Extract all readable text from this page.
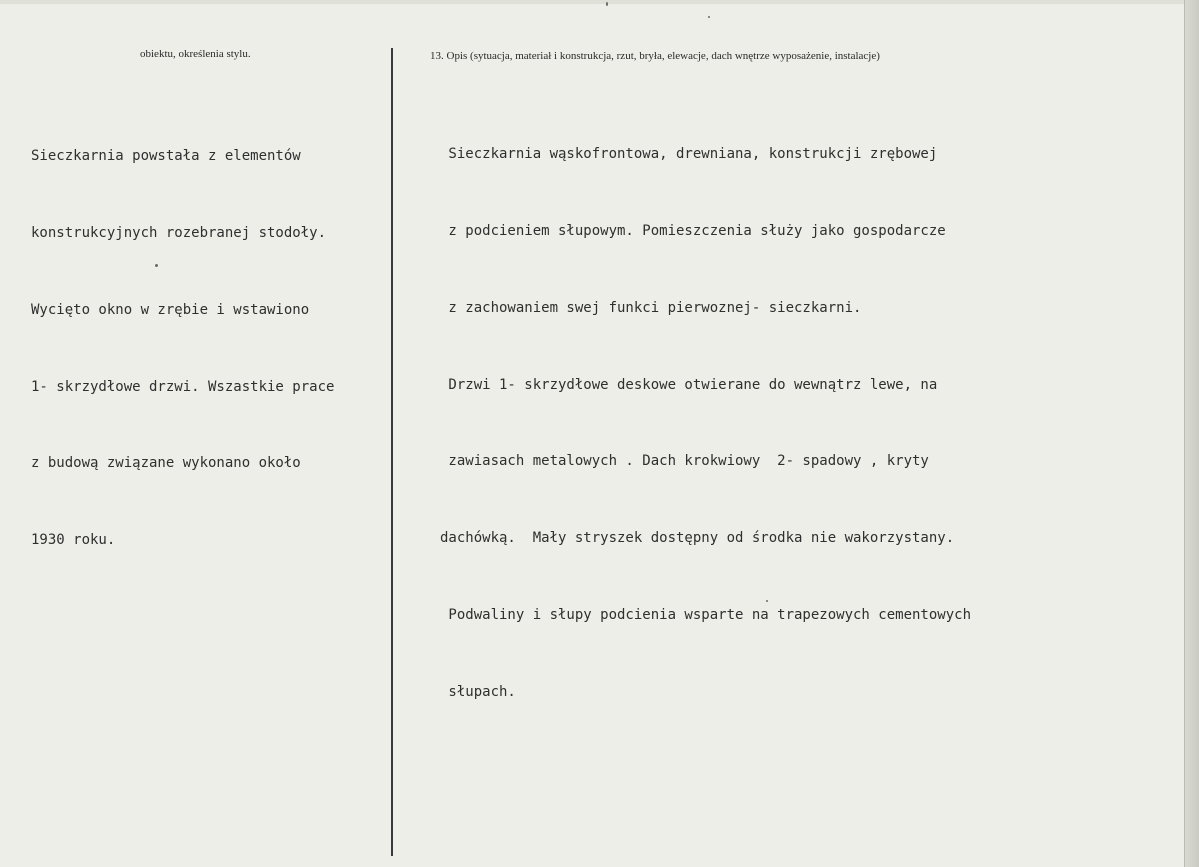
obiektu, określenia stylu.	13. Opis (sytuacja, materiał i konstrukcja, rzut, bryła, elewacje, dach wnętrze wyposażenie, instalacje)

Sieczkarnia powstała z elementów

konstrukcyjnych rozebranej stodoły.

Wycięto okno w zrębie i wstawiono

1- skrzydłowe drzwi. Wszastkie prace

z budową związane wykonano około

1930 roku.

Sieczkarnia wąskofrontowa, drewniana, konstrukcji zrębowej

z podcieniem słupowym. Pomieszczenia służy jako gospodarcze

z zachowaniem swej funkci pierwoznej- sieczkarni.

Drzwi 1- skrzydłowe deskowe otwierane do wewnątrz lewe, na

zawiasach metalowych . Dach krokwiowy  2- spadowy , kryty

dachówką.  Mały stryszek dostępny od środka nie wakorzystany.

Podwaliny i słupy podcienia wsparte na trapezowych cementowych

słupach.
